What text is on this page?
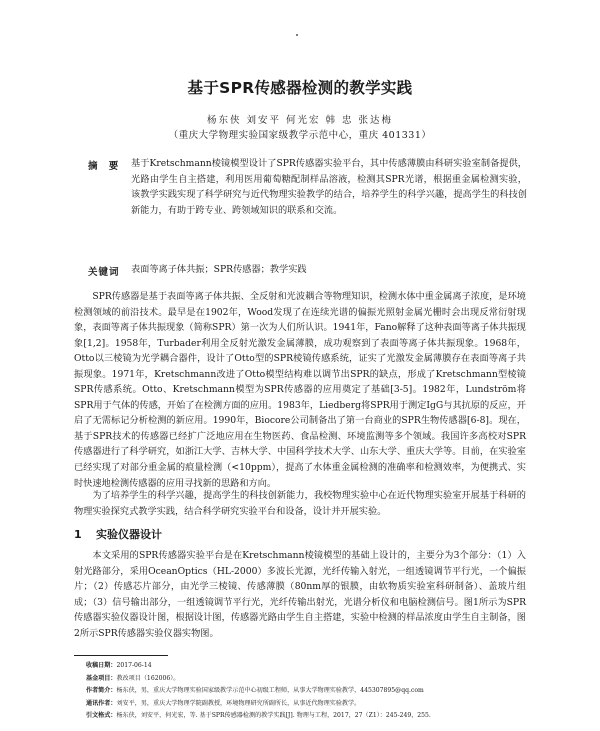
基于SPR传感器检测的教学实践
杨东侠 刘安平 何光宏 韩 忠 张达梅
（重庆大学物理实验国家级教学示范中心，重庆 401331）
摘 要 基于Kretschmann棱镜模型设计了SPR传感器实验平台，其中传感薄膜由科研实验室制备提供，光路由学生自主搭建，利用医用葡萄糖配制样品溶液，检测其SPR光谱，根据重金属检测实验，该教学实践实现了科学研究与近代物理实验教学的结合，培养学生的科学兴趣，提高学生的科技创新能力，有助于跨专业、跨领域知识的联系和交流。
关键词 表面等离子体共振；SPR传感器；教学实践
SPR传感器是基于表面等离子体共振、全反射和光波耦合等物理知识，检测水体中重金属离子浓度，是环境检测领域的前沿技术。最早是在1902年，Wood发现了在连续光谱的偏振光照射金属光栅时会出现反常衍射现象，表面等离子体共振现象（简称SPR）第一次为人们所认识。1941年，Fano解释了这种表面等离子体共振现象[1,2]。1958年，Turbader利用全反射光激发金属薄膜，成功观察到了表面等离子体共振现象。1968年，Otto以三棱镜为光学耦合器件，设计了Otto型的SPR棱镜传感系统，证实了光激发金属薄膜存在表面等离子共振现象。1971年，Kretschmann改进了Otto模型结构难以调节出SPR的缺点，形成了Kretschmann型棱镜SPR传感系统。Otto、Kretschmann模型为SPR传感器的应用奠定了基础[3-5]。1982年，Lundström将SPR用于气体的传感，开始了在检测方面的应用。1983年，Liedberg将SPR用于测定IgG与其抗原的反应，开启了无需标记分析检测的新应用。1990年，Biocore公司制备出了第一台商业的SPR生物传感器[6-8]。现在，基于SPR技术的传感器已经扩广泛地应用在生物医药、食品检测、环境监测等多个领域。我国许多高校对SPR传感器进行了科学研究，如浙江大学、吉林大学、中国科学技术大学、山东大学、重庆大学等。目前，在实验室已经实现了对部分重金属的痕量检测（<10ppm），提高了水体重金属检测的准确率和检测效率，为便携式、实时快速地检测传感器的应用寻找新的思路和方向。
为了培养学生的科学兴趣，提高学生的科技创新能力，我校物理实验中心在近代物理实验室开展基于科研的物理实验探究式教学实践，结合科学研究实验平台和设备，设计并开展实验。
1 实验仪器设计
本文采用的SPR传感器实验平台是在Kretschmann棱镜模型的基础上设计的，主要分为3个部分：（1）入射光路部分，采用OceanOptics（HL-2000）多波长光源，光纤传输入射光，一组透镜调节平行光，一个偏振片；（2）传感芯片部分，由光学三棱镜、传感薄膜（80nm厚的银膜，由软物质实验室科研制备）、盖玻片组成；（3）信号输出部分，一组透镜调节平行光，光纤传输出射光，光谱分析仪和电脑检测信号。图1所示为SPR传感器实验仪器设计图，根据设计图，传感器光路由学生自主搭建，实验中检测的样品浓度由学生自主制备，图2所示SPR传感器实验仪器实物图。
收稿日期：2017-06-14
基金项目：教改项目（162006）。
作者简介：杨东侠，男，重庆大学物理实验国家级教学示范中心初级工程师，从事大学物理实验教学，445307895@qq.com
通讯作者：刘安平，男，重庆大学物理学院副教授，环境物理研究所副所长，从事近代物理实验教学。
引文格式：杨东侠，刘安平，何光宏，等. 基于SPR传感器检测的教学实践[J]. 物理与工程，2017，27（Z1）：245-249，255.
